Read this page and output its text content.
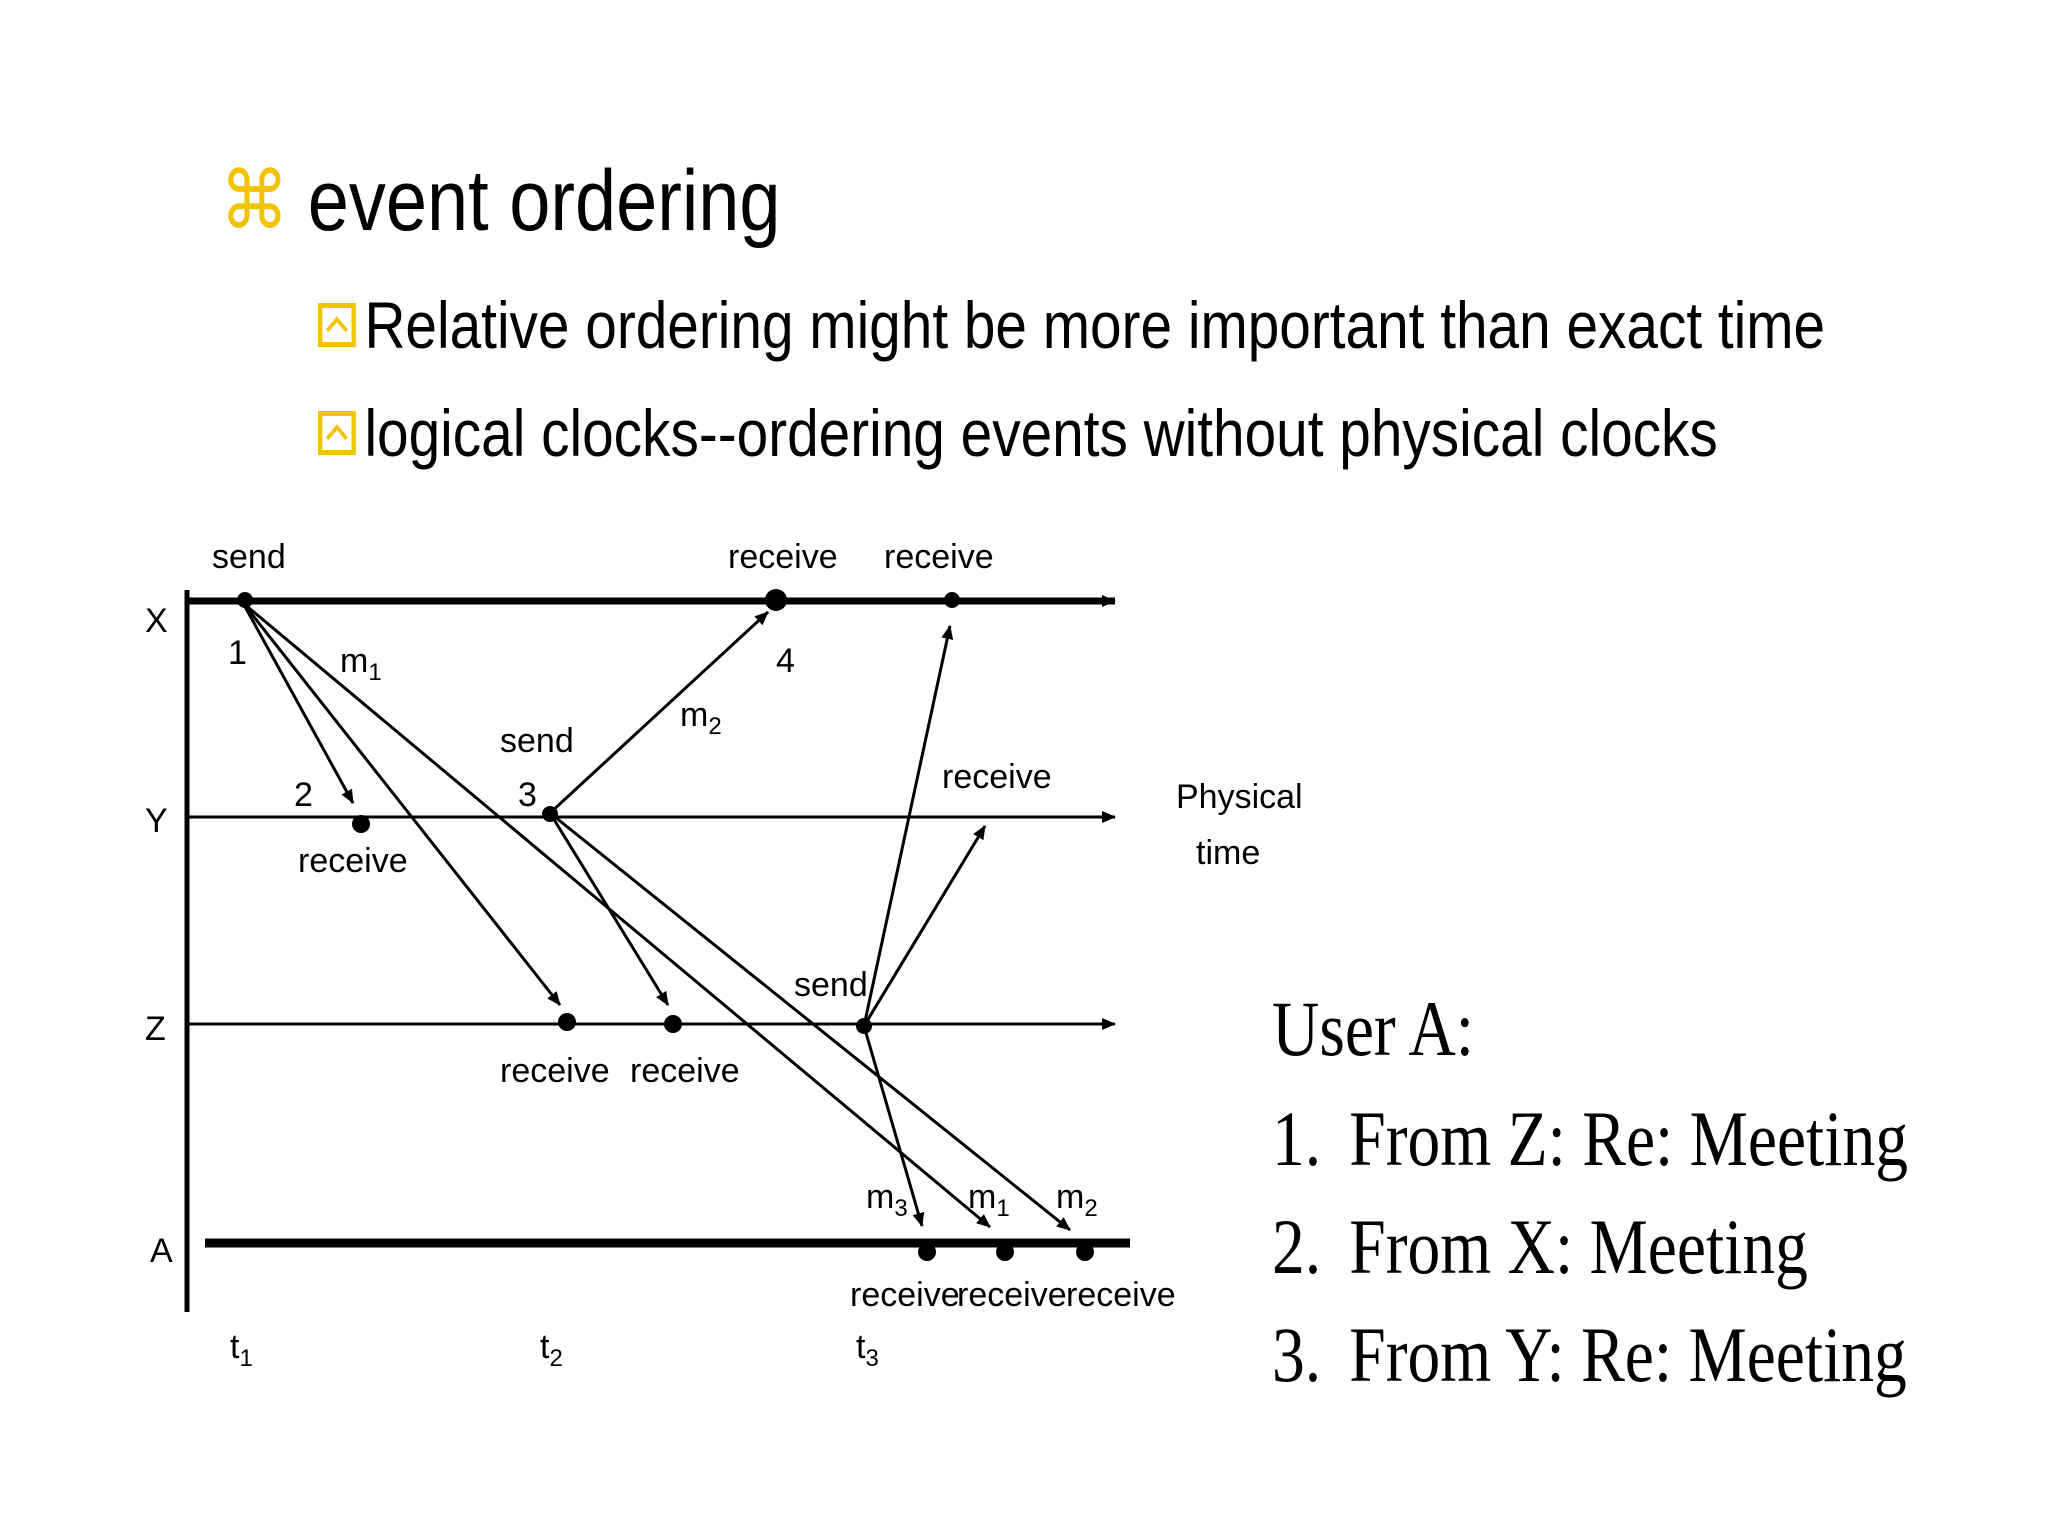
⌘ event ordering
Relative ordering might be more important than exact time
logical clocks--ordering events without physical clocks
X
Y
Z
A
send	receive receive
send
receive
receive
send
receive receive
receive
receive receive
1
2	3
4
$m_1$
$m_2$
$m_3$ $m_1$ $m_2$
Physical
time
$t_1$	$t_2$	$t_3$
User A:
1. From Z: Re: Meeting
2. From X: Meeting
3. From Y: Re: Meeting
